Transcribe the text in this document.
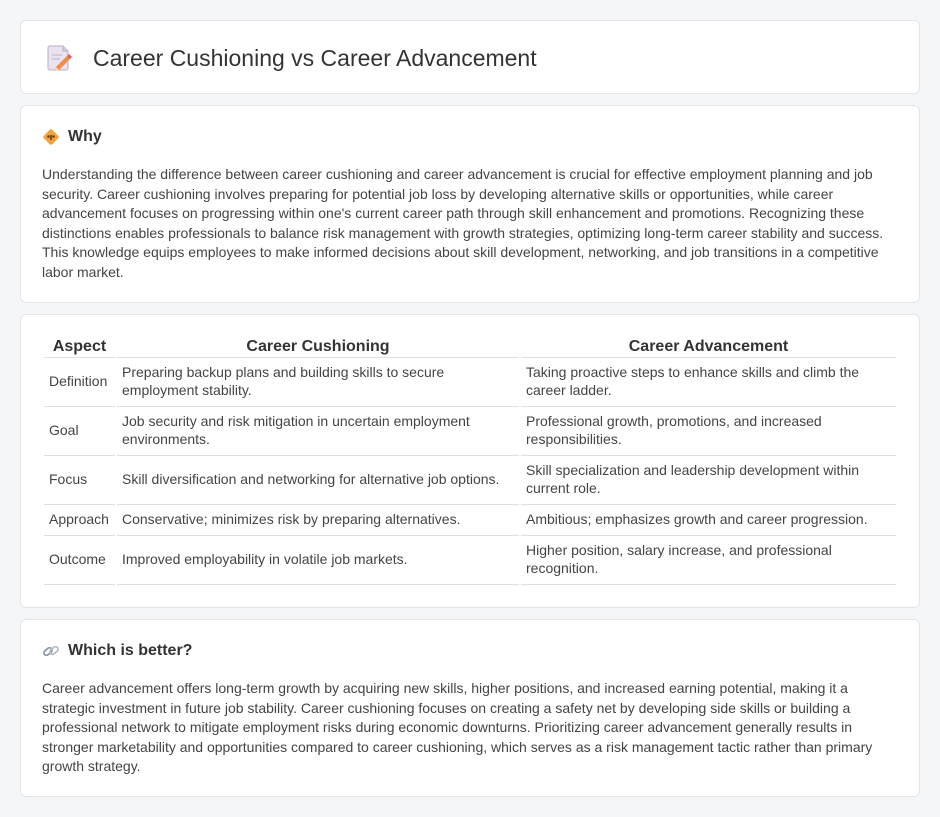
Career Cushioning vs Career Advancement
Why

Understanding the difference between career cushioning and career advancement is crucial for effective employment planning and job security. Career cushioning involves preparing for potential job loss by developing alternative skills or opportunities, while career advancement focuses on progressing within one's current career path through skill enhancement and promotions. Recognizing these distinctions enables professionals to balance risk management with growth strategies, optimizing long-term career stability and success. This knowledge equips employees to make informed decisions about skill development, networking, and job transitions in a competitive labor market.

Aspect	Career Cushioning	Career Advancement
Definition	Preparing backup plans and building skills to secure employment stability.	Taking proactive steps to enhance skills and climb the career ladder.
Goal	Job security and risk mitigation in uncertain employment environments.	Professional growth, promotions, and increased responsibilities.
Focus	Skill diversification and networking for alternative job options.	Skill specialization and leadership development within current role.
Approach	Conservative; minimizes risk by preparing alternatives.	Ambitious; emphasizes growth and career progression.
Outcome	Improved employability in volatile job markets.	Higher position, salary increase, and professional recognition.
Which is better?

Career advancement offers long-term growth by acquiring new skills, higher positions, and increased earning potential, making it a strategic investment in future job stability. Career cushioning focuses on creating a safety net by developing side skills or building a professional network to mitigate employment risks during economic downturns. Prioritizing career advancement generally results in stronger marketability and opportunities compared to career cushioning, which serves as a risk management tactic rather than primary growth strategy.
